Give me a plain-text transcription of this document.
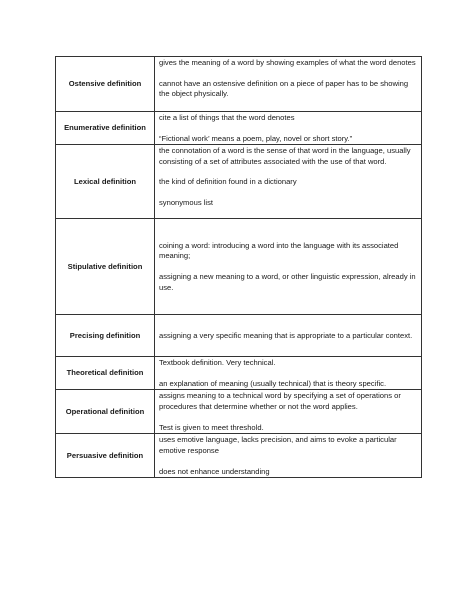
Ostensive definition	gives the meaning of a word by showing examples of what the word denotes
cannot have an ostensive definition on a piece of paper has to be showing the object physically.

Enumerative definition	cite a list of things that the word denotes
“Fictional work’ means a poem, play, novel or short story.”

Lexical definition	the connotation of a word is the sense of that word in the language, usually consisting of a set of attributes associated with the use of that word.
the kind of definition found in a dictionary
synonymous list

Stipulative definition	coining a word: introducing a word into the language with its associated meaning;
assigning a new meaning to a word, or other linguistic expression, already in use.

Precising definition	assigning a very specific meaning that is appropriate to a particular context.

Theoretical definition	Textbook definition. Very technical.
an explanation of meaning (usually technical) that is theory specific.

Operational definition	assigns meaning to a technical word by specifying a set of operations or procedures that determine whether or not the word applies.
Test is given to meet threshold.

Persuasive definition	uses emotive language, lacks precision, and aims to evoke a particular emotive response
does not enhance understanding
